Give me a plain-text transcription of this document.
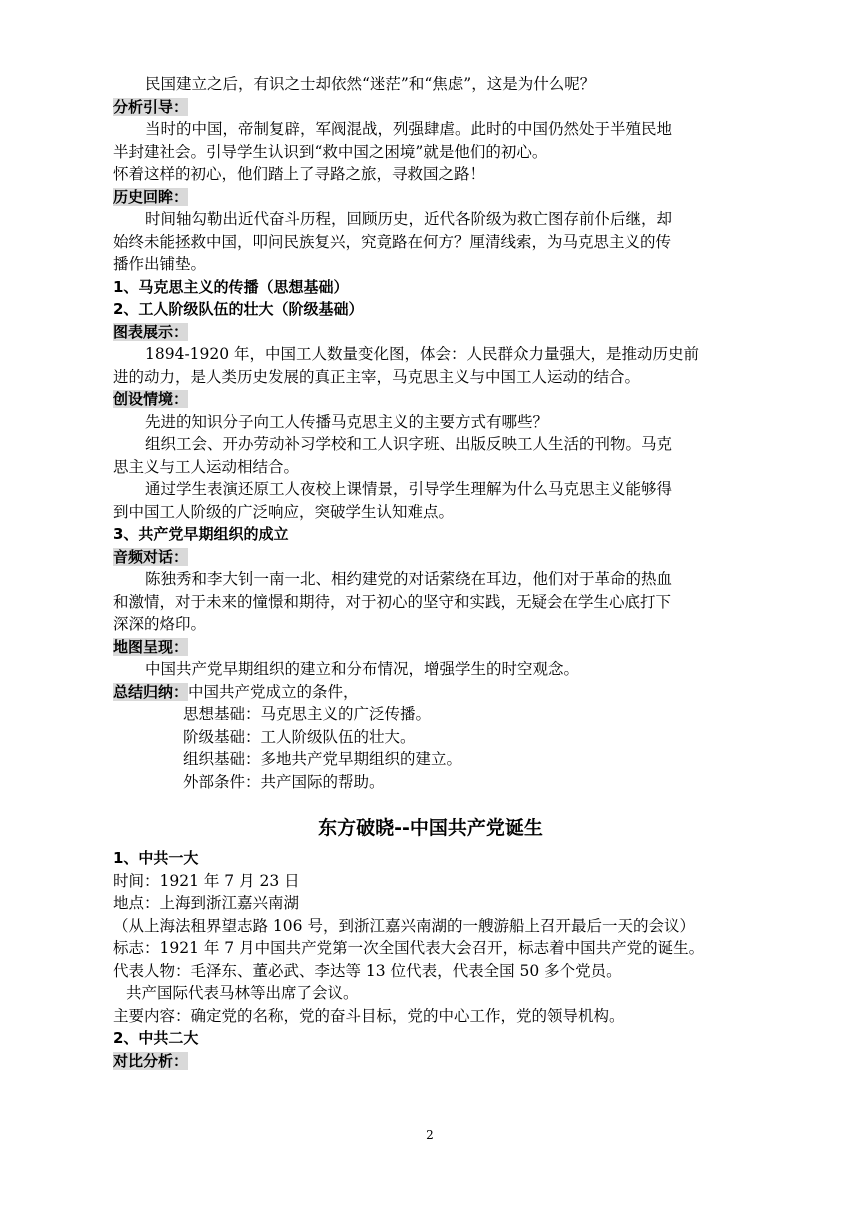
民国建立之后，有识之士却依然“迷茫”和“焦虑”，这是为什么呢？
分析引导：
当时的中国，帝制复辟，军阀混战，列强肆虐。此时的中国仍然处于半殖民地
半封建社会。引导学生认识到“救中国之困境”就是他们的初心。
怀着这样的初心，他们踏上了寻路之旅，寻救国之路！
历史回眸：
时间轴勾勒出近代奋斗历程，回顾历史，近代各阶级为救亡图存前仆后继，却
始终未能拯救中国，叩问民族复兴，究竟路在何方？厘清线索，为马克思主义的传
播作出铺垫。
1、马克思主义的传播（思想基础）
2、工人阶级队伍的壮大（阶级基础）
图表展示：
1894-1920 年，中国工人数量变化图，体会：人民群众力量强大，是推动历史前
进的动力，是人类历史发展的真正主宰，马克思主义与中国工人运动的结合。
创设情境：
先进的知识分子向工人传播马克思主义的主要方式有哪些？
组织工会、开办劳动补习学校和工人识字班、出版反映工人生活的刊物。马克
思主义与工人运动相结合。
通过学生表演还原工人夜校上课情景，引导学生理解为什么马克思主义能够得
到中国工人阶级的广泛响应，突破学生认知难点。
3、共产党早期组织的成立
音频对话：
陈独秀和李大钊一南一北、相约建党的对话萦绕在耳边，他们对于革命的热血
和激情，对于未来的憧憬和期待，对于初心的坚守和实践，无疑会在学生心底打下
深深的烙印。
地图呈现：
中国共产党早期组织的建立和分布情况，增强学生的时空观念。
总结归纳：中国共产党成立的条件，
思想基础：马克思主义的广泛传播。
阶级基础：工人阶级队伍的壮大。
组织基础：多地共产党早期组织的建立。
外部条件：共产国际的帮助。
东方破晓--中国共产党诞生
1、中共一大
时间：1921 年 7 月 23 日
地点：上海到浙江嘉兴南湖
（从上海法租界望志路 106 号，到浙江嘉兴南湖的一艘游船上召开最后一天的会议）
标志：1921 年 7 月中国共产党第一次全国代表大会召开，标志着中国共产党的诞生。
代表人物：毛泽东、董必武、李达等 13 位代表，代表全国 50 多个党员。
共产国际代表马林等出席了会议。
主要内容：确定党的名称，党的奋斗目标，党的中心工作，党的领导机构。
2、中共二大
对比分析：
2
